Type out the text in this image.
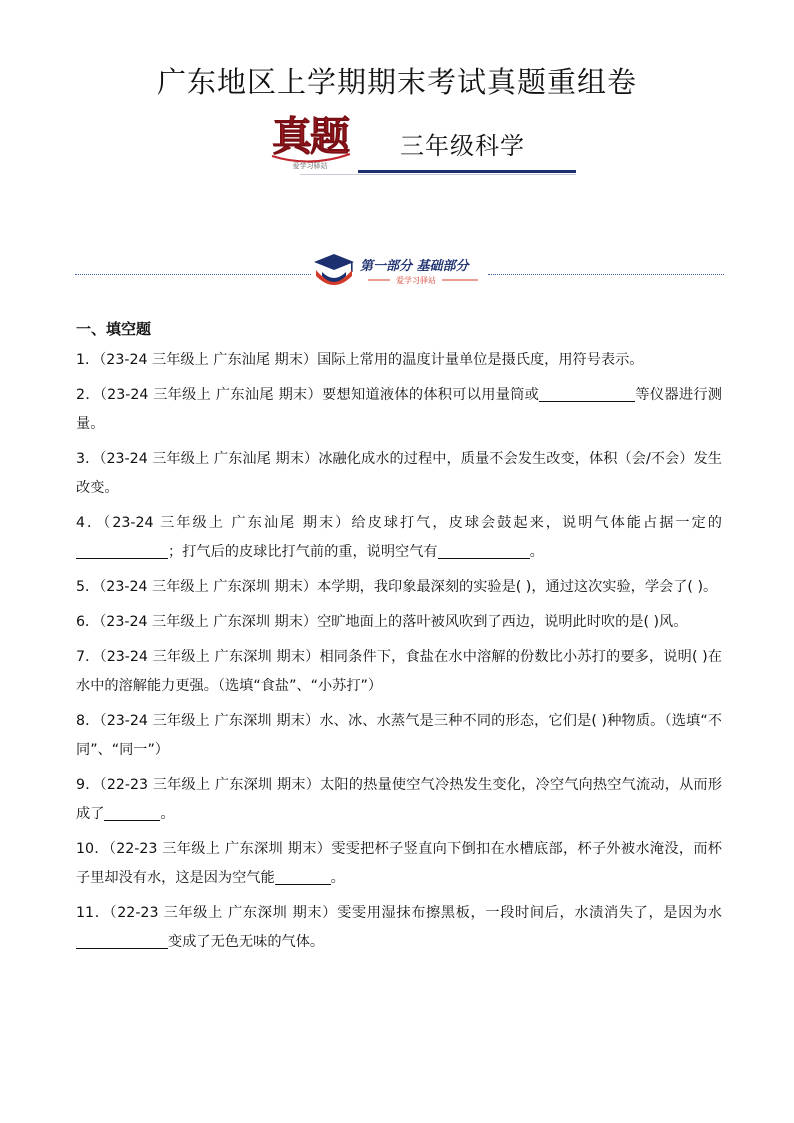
广东地区上学期期末考试真题重组卷
真题
爱学习驿站
三年级科学
第一部分 基础部分
爱学习驿站
一、填空题

1．（23-24 三年级上 广东汕尾 期末）国际上常用的温度计量单位是摄氏度，用符号表示。

2．（23-24 三年级上 广东汕尾 期末）要想知道液体的体积可以用量筒或	等仪器进行测量。

3．（23-24 三年级上 广东汕尾 期末）冰融化成水的过程中，质量不会发生改变，体积（会/不会）发生改变。

4．（23-24 三年级上 广东汕尾 期末）给皮球打气，皮球会鼓起来，说明气体能占据一定的；打气后的皮球比打气前的重，说明空气有	。

5．（23-24 三年级上 广东深圳 期末）本学期，我印象最深刻的实验是( )，通过这次实验，学会了( )。

6．（23-24 三年级上 广东深圳 期末）空旷地面上的落叶被风吹到了西边，说明此时吹的是( )风。

7．（23-24 三年级上 广东深圳 期末）相同条件下，食盐在水中溶解的份数比小苏打的要多，说明( )在水中的溶解能力更强。（选填“食盐”、“小苏打”）

8．（23-24 三年级上 广东深圳 期末）水、冰、水蒸气是三种不同的形态，它们是( )种物质。（选填“不同”、“同一”）

9．（22-23 三年级上 广东深圳 期末）太阳的热量使空气冷热发生变化，冷空气向热空气流动，从而形成了	。

10．（22-23 三年级上 广东深圳 期末）雯雯把杯子竖直向下倒扣在水槽底部，杯子外被水淹没，而杯子里却没有水，这是因为空气能	。

11．（22-23 三年级上 广东深圳 期末）雯雯用湿抹布擦黑板，一段时间后，水渍消失了，是因为水变成了无色无味的气体。
